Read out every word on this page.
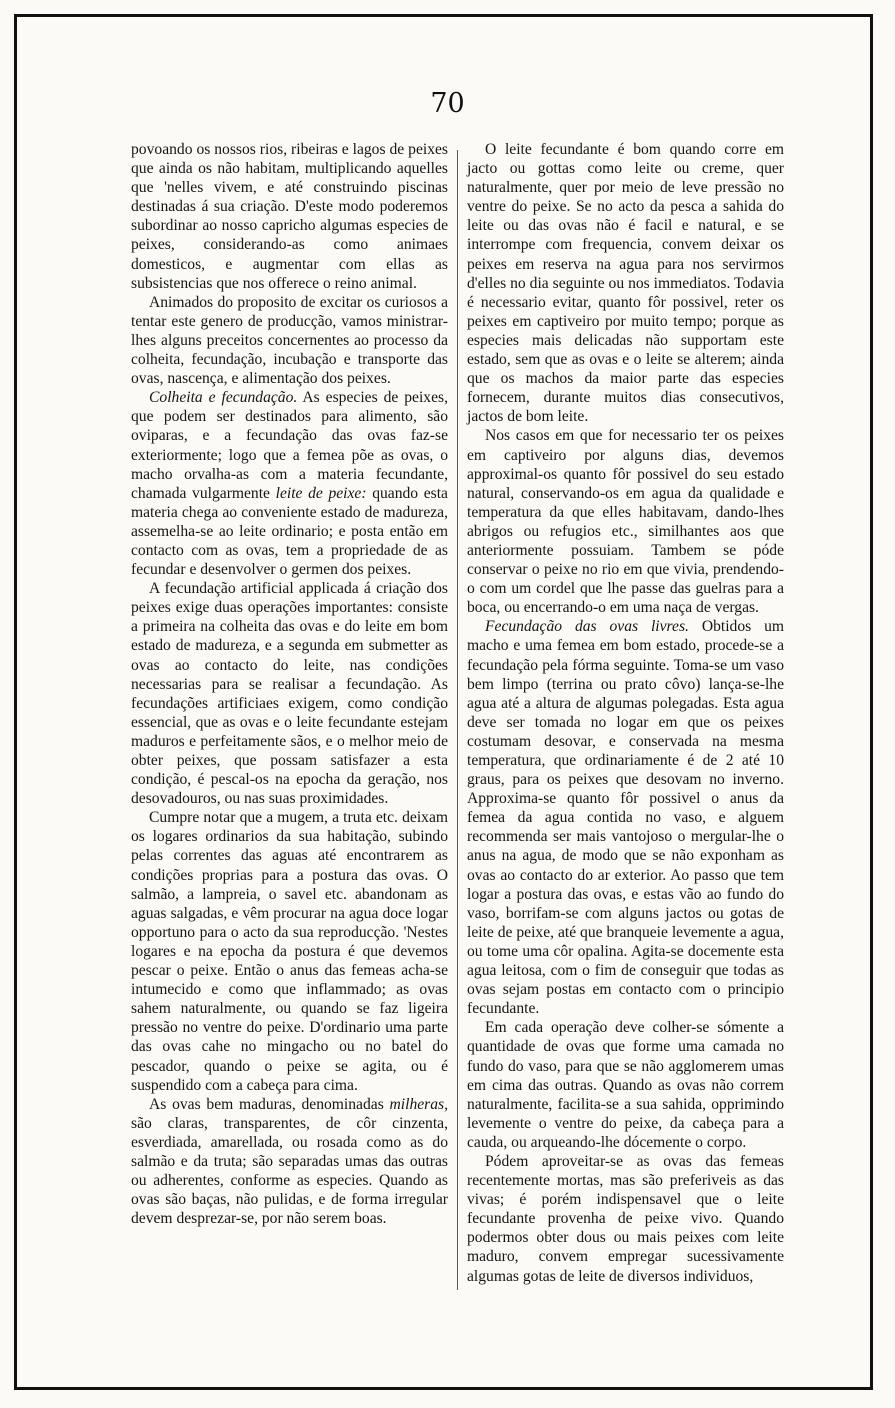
70

povoando os nossos rios, ribeiras e lagos de peixes que ainda os não habitam, multiplicando aquelles que 'nelles vivem, e até construindo piscinas destinadas á sua criação. D'este modo poderemos subordinar ao nosso capricho algumas especies de peixes, considerando-as como animaes domesticos, e augmentar com ellas as subsistencias que nos offerece o reino animal.

Animados do proposito de excitar os curiosos a tentar este genero de producção, vamos ministrar-lhes alguns preceitos concernentes ao processo da colheita, fecundação, incubação e transporte das ovas, nascença, e alimentação dos peixes.

Colheita e fecundação. As especies de peixes, que podem ser destinados para alimento, são oviparas, e a fecundação das ovas faz-se exteriormente; logo que a femea põe as ovas, o macho orvalha-as com a materia fecundante, chamada vulgarmente leite de peixe: quando esta materia chega ao conveniente estado de madureza, assemelha-se ao leite ordinario; e posta então em contacto com as ovas, tem a propriedade de as fecundar e desenvolver o germen dos peixes.

A fecundação artificial applicada á criação dos peixes exige duas operações importantes: consiste a primeira na colheita das ovas e do leite em bom estado de madureza, e a segunda em submetter as ovas ao contacto do leite, nas condições necessarias para se realisar a fecundação. As fecundações artificiaes exigem, como condição essencial, que as ovas e o leite fecundante estejam maduros e perfeitamente sãos, e o melhor meio de obter peixes, que possam satisfazer a esta condição, é pescal-os na epocha da geração, nos desovadouros, ou nas suas proximidades.

Cumpre notar que a mugem, a truta etc. deixam os logares ordinarios da sua habitação, subindo pelas correntes das aguas até encontrarem as condições proprias para a postura das ovas. O salmão, a lampreia, o savel etc. abandonam as aguas salgadas, e vêm procurar na agua doce logar opportuno para o acto da sua reproducção. 'Nestes logares e na epocha da postura é que devemos pescar o peixe. Então o anus das femeas acha-se intumecido e como que inflammado; as ovas sahem naturalmente, ou quando se faz ligeira pressão no ventre do peixe. D'ordinario uma parte das ovas cahe no mingacho ou no batel do pescador, quando o peixe se agita, ou é suspendido com a cabeça para cima.

As ovas bem maduras, denominadas milheras, são claras, transparentes, de côr cinzenta, esverdiada, amarellada, ou rosada como as do salmão e da truta; são separadas umas das outras ou adherentes, conforme as especies. Quando as ovas são baças, não pulidas, e de forma irregular devem desprezar-se, por não serem boas.

O leite fecundante é bom quando corre em jacto ou gottas como leite ou creme, quer naturalmente, quer por meio de leve pressão no ventre do peixe. Se no acto da pesca a sahida do leite ou das ovas não é facil e natural, e se interrompe com frequencia, convem deixar os peixes em reserva na agua para nos servirmos d'elles no dia seguinte ou nos immediatos. Todavia é necessario evitar, quanto fôr possivel, reter os peixes em captiveiro por muito tempo; porque as especies mais delicadas não supportam este estado, sem que as ovas e o leite se alterem; ainda que os machos da maior parte das especies fornecem, durante muitos dias consecutivos, jactos de bom leite.

Nos casos em que for necessario ter os peixes em captiveiro por alguns dias, devemos approximal-os quanto fôr possivel do seu estado natural, conservando-os em agua da qualidade e temperatura da que elles habitavam, dando-lhes abrigos ou refugios etc., similhantes aos que anteriormente possuiam. Tambem se póde conservar o peixe no rio em que vivia, prendendo-o com um cordel que lhe passe das guelras para a boca, ou encerrando-o em uma naça de vergas.

Fecundação das ovas livres. Obtidos um macho e uma femea em bom estado, procede-se a fecundação pela fórma seguinte. Toma-se um vaso bem limpo (terrina ou prato côvo) lança-se-lhe agua até a altura de algumas polegadas. Esta agua deve ser tomada no logar em que os peixes costumam desovar, e conservada na mesma temperatura, que ordinariamente é de 2 até 10 graus, para os peixes que desovam no inverno. Approxima-se quanto fôr possivel o anus da femea da agua contida no vaso, e alguem recommenda ser mais vantojoso o mergular-lhe o anus na agua, de modo que se não exponham as ovas ao contacto do ar exterior. Ao passo que tem logar a postura das ovas, e estas vão ao fundo do vaso, borrifam-se com alguns jactos ou gotas de leite de peixe, até que branqueie levemente a agua, ou tome uma côr opalina. Agita-se docemente esta agua leitosa, com o fim de conseguir que todas as ovas sejam postas em contacto com o principio fecundante.

Em cada operação deve colher-se sómente a quantidade de ovas que forme uma camada no fundo do vaso, para que se não agglomerem umas em cima das outras. Quando as ovas não correm naturalmente, facilita-se a sua sahida, opprimindo levemente o ventre do peixe, da cabeça para a cauda, ou arqueando-lhe dócemente o corpo.

Pódem aproveitar-se as ovas das femeas recentemente mortas, mas são preferiveis as das vivas; é porém indispensavel que o leite fecundante provenha de peixe vivo. Quando podermos obter dous ou mais peixes com leite maduro, convem empregar sucessivamente algumas gotas de leite de diversos individuos,
